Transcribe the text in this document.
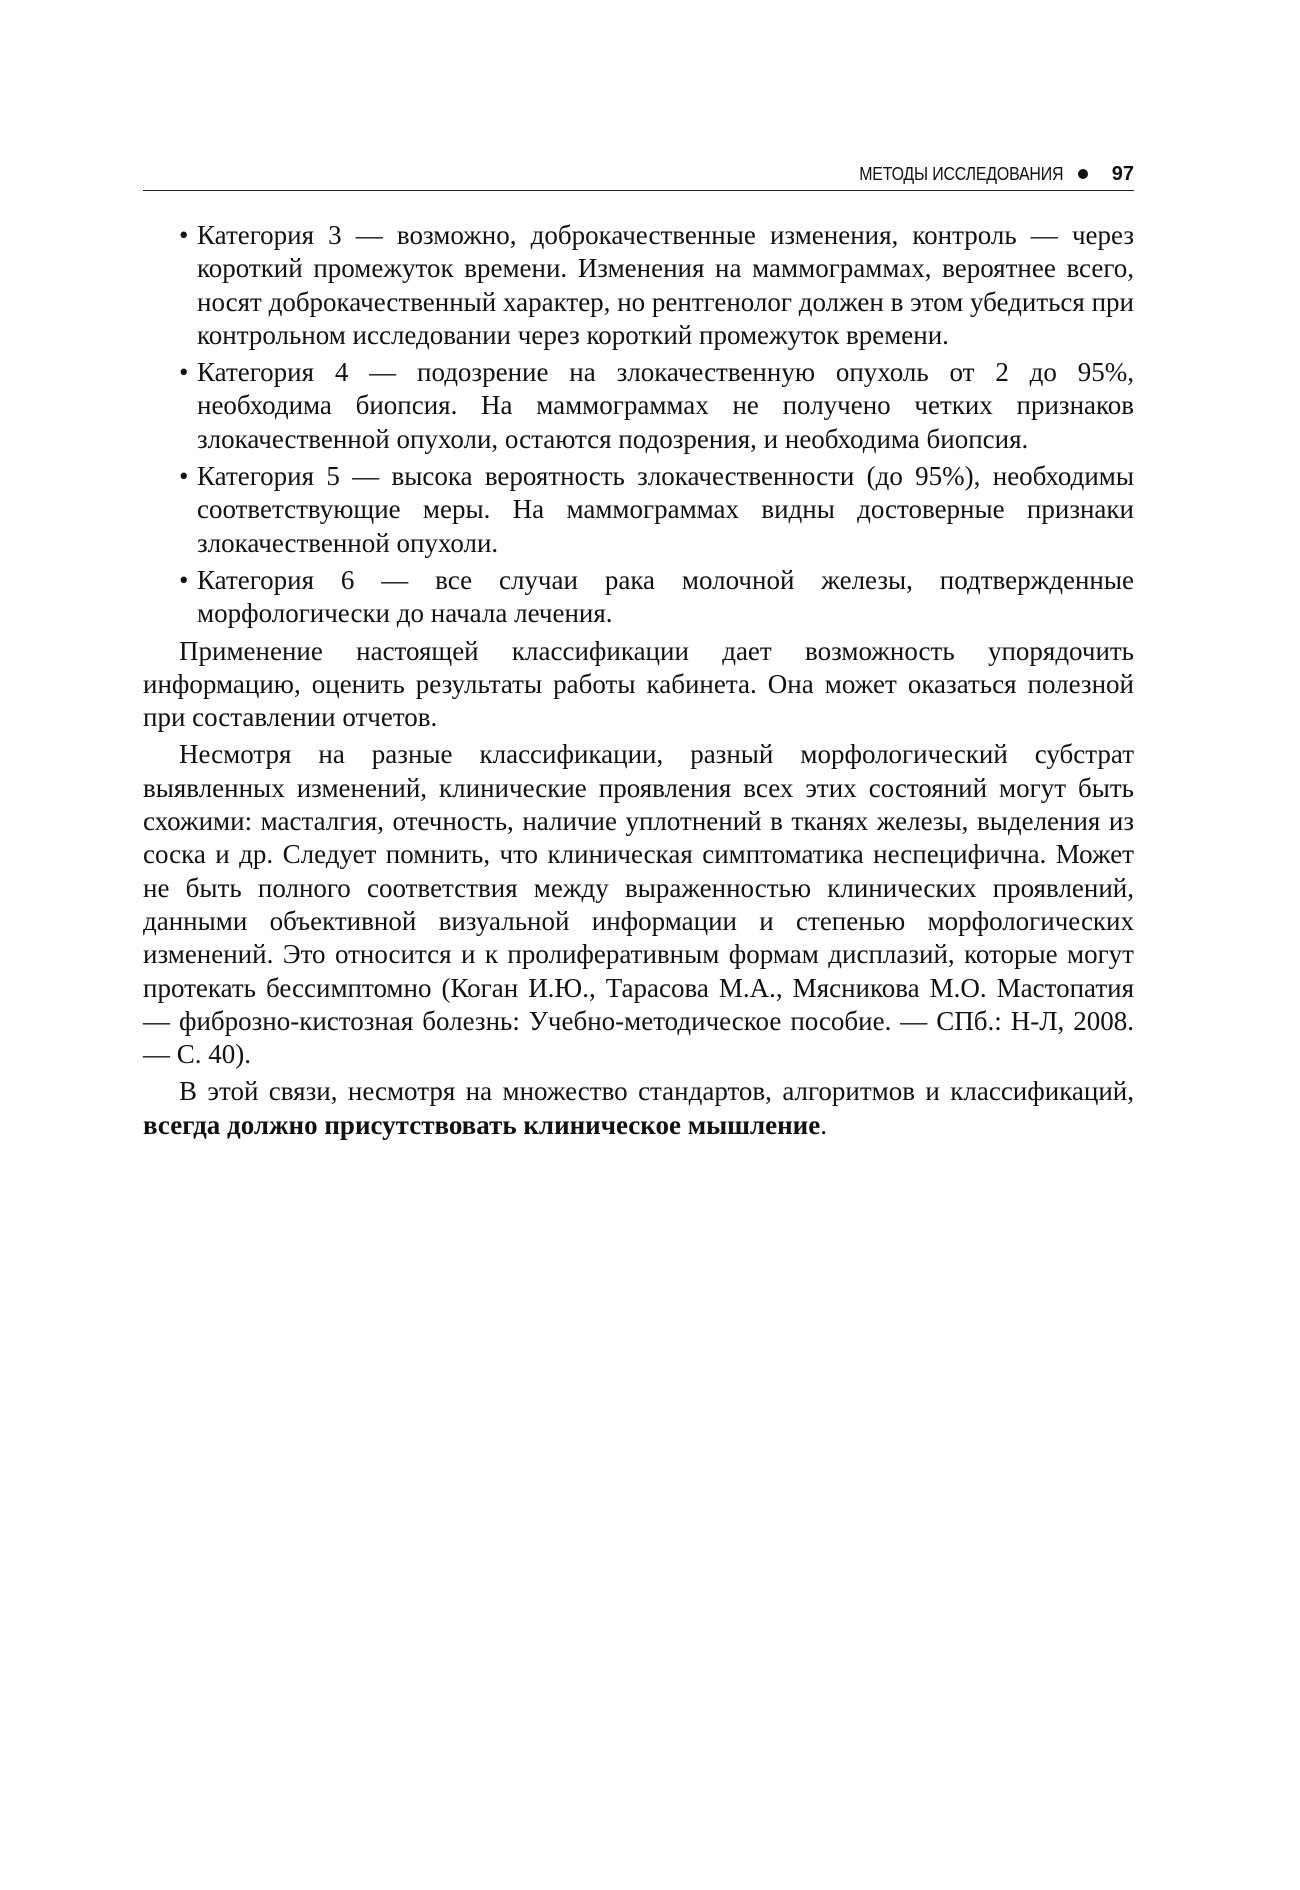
МЕТОДЫ ИССЛЕДОВАНИЯ 97
• Категория 3 — возможно, доброкачественные изменения, контроль — через короткий промежуток времени. Изменения на маммограммах, вероятнее всего, носят доброкачественный характер, но рентгенолог должен в этом убедиться при контрольном исследовании через короткий промежуток времени.
• Категория 4 — подозрение на злокачественную опухоль от 2 до 95%, необходима биопсия. На маммограммах не получено четких признаков злокачественной опухоли, остаются подозрения, и необходима биопсия.
• Категория 5 — высока вероятность злокачественности (до 95%), необходимы соответствующие меры. На маммограммах видны достоверные признаки злокачественной опухоли.
• Категория 6 — все случаи рака молочной железы, подтвержденные морфологически до начала лечения.

Применение настоящей классификации дает возможность упорядочить информацию, оценить результаты работы кабинета. Она может оказаться полезной при составлении отчетов.

Несмотря на разные классификации, разный морфологический субстрат выявленных изменений, клинические проявления всех этих состояний могут быть схожими: масталгия, отечность, наличие уплотнений в тканях железы, выделения из соска и др. Следует помнить, что клиническая симптоматика неспецифична. Может не быть полного соответствия между выраженностью клинических проявлений, данными объективной визуальной информации и степенью морфологических изменений. Это относится и к пролиферативным формам дисплазий, которые могут протекать бессимптомно (Коган И.Ю., Тарасова М.А., Мясникова М.О. Мастопатия — фиброзно-кистозная болезнь: Учебно-методическое пособие. — СПб.: Н-Л, 2008. — С. 40).

В этой связи, несмотря на множество стандартов, алгоритмов и классификаций, всегда должно присутствовать клиническое мышление.
